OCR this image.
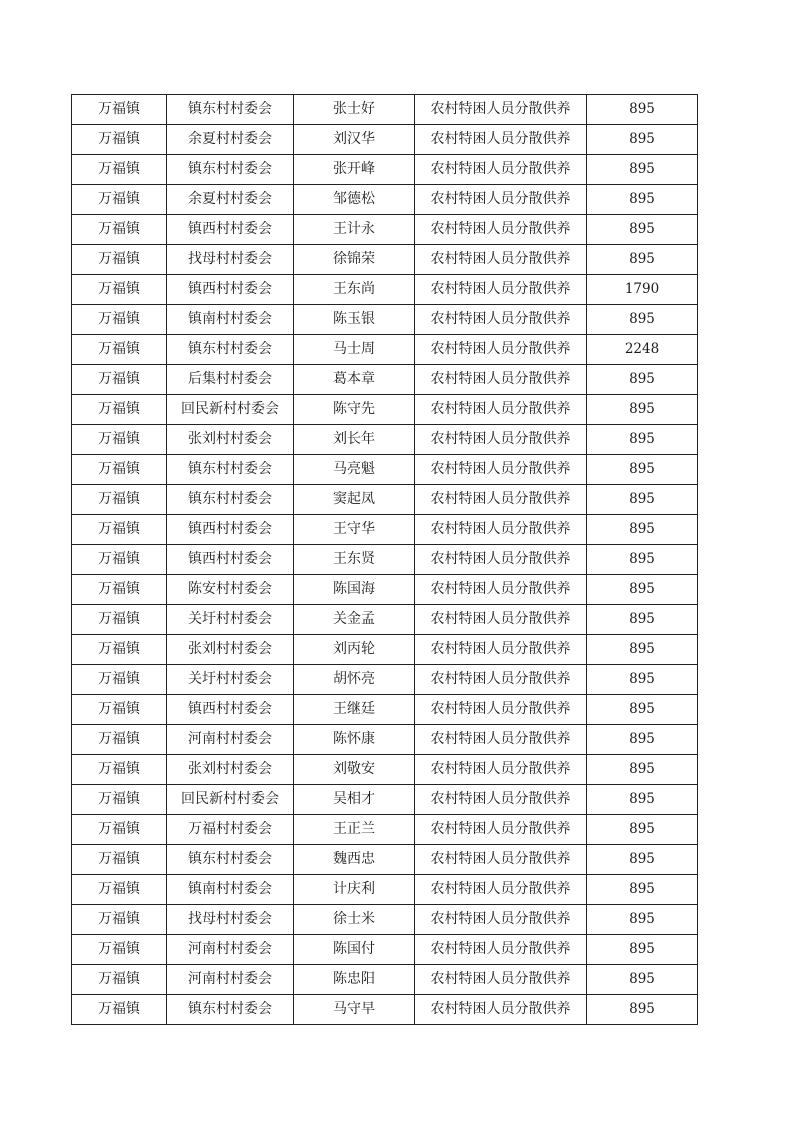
万福镇	镇东村村委会	张士好	农村特困人员分散供养	895
万福镇	余夏村村委会	刘汉华	农村特困人员分散供养	895
万福镇	镇东村村委会	张开峰	农村特困人员分散供养	895
万福镇	余夏村村委会	邹德松	农村特困人员分散供养	895
万福镇	镇西村村委会	王计永	农村特困人员分散供养	895
万福镇	找母村村委会	徐锦荣	农村特困人员分散供养	895
万福镇	镇西村村委会	王东尚	农村特困人员分散供养	1790
万福镇	镇南村村委会	陈玉银	农村特困人员分散供养	895
万福镇	镇东村村委会	马士周	农村特困人员分散供养	2248
万福镇	后集村村委会	葛本章	农村特困人员分散供养	895
万福镇	回民新村村委会	陈守先	农村特困人员分散供养	895
万福镇	张刘村村委会	刘长年	农村特困人员分散供养	895
万福镇	镇东村村委会	马亮魁	农村特困人员分散供养	895
万福镇	镇东村村委会	窦起凤	农村特困人员分散供养	895
万福镇	镇西村村委会	王守华	农村特困人员分散供养	895
万福镇	镇西村村委会	王东贤	农村特困人员分散供养	895
万福镇	陈安村村委会	陈国海	农村特困人员分散供养	895
万福镇	关圩村村委会	关金孟	农村特困人员分散供养	895
万福镇	张刘村村委会	刘丙轮	农村特困人员分散供养	895
万福镇	关圩村村委会	胡怀亮	农村特困人员分散供养	895
万福镇	镇西村村委会	王继廷	农村特困人员分散供养	895
万福镇	河南村村委会	陈怀康	农村特困人员分散供养	895
万福镇	张刘村村委会	刘敬安	农村特困人员分散供养	895
万福镇	回民新村村委会	吴相才	农村特困人员分散供养	895
万福镇	万福村村委会	王正兰	农村特困人员分散供养	895
万福镇	镇东村村委会	魏西忠	农村特困人员分散供养	895
万福镇	镇南村村委会	计庆利	农村特困人员分散供养	895
万福镇	找母村村委会	徐士米	农村特困人员分散供养	895
万福镇	河南村村委会	陈国付	农村特困人员分散供养	895
万福镇	河南村村委会	陈忠阳	农村特困人员分散供养	895
万福镇	镇东村村委会	马守早	农村特困人员分散供养	895
